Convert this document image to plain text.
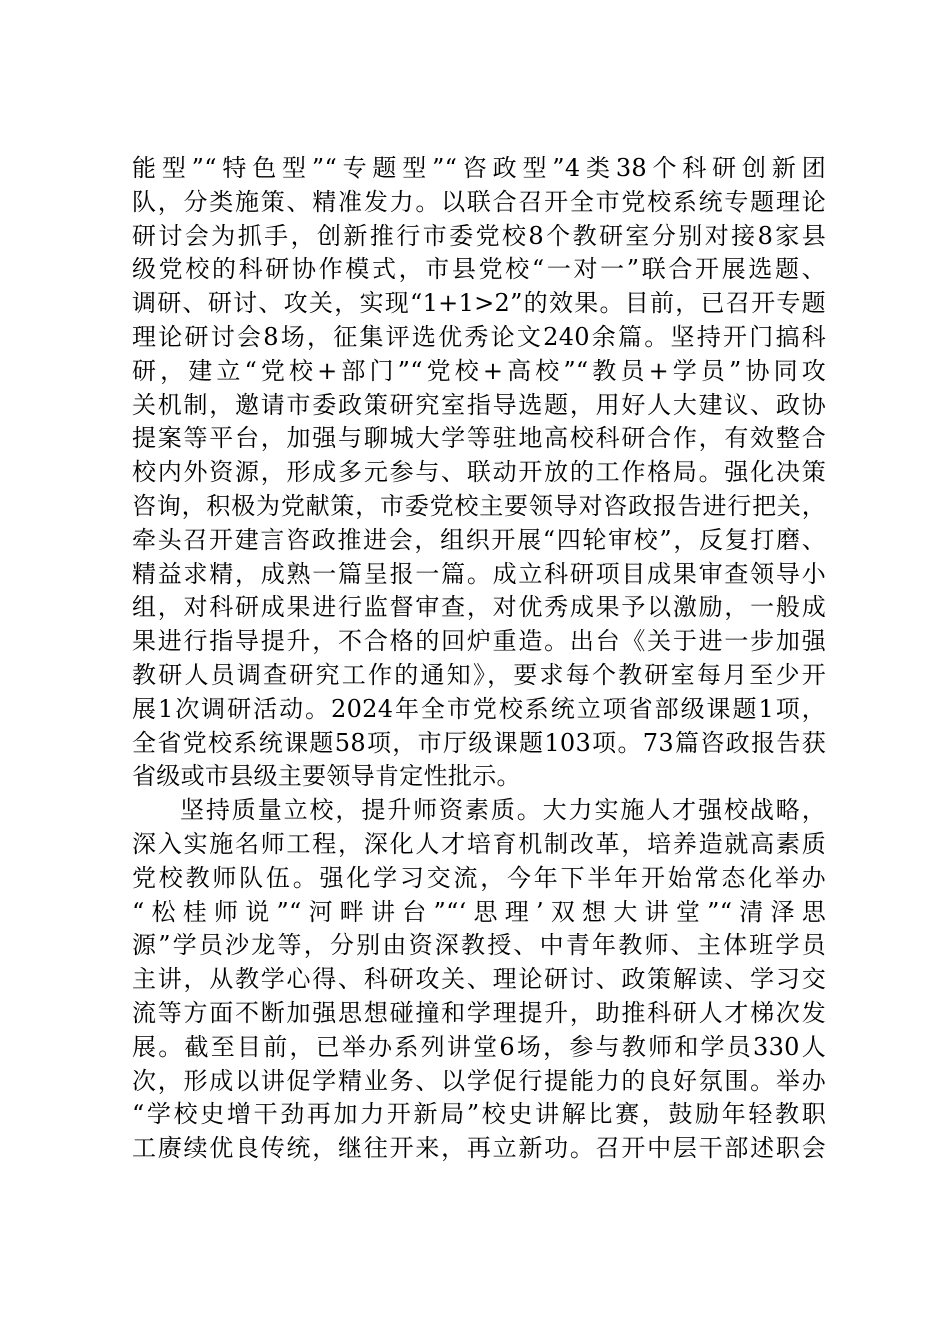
能型”“特色型”“专题型”“咨政型”4类38个科研创新团
队，分类施策、精准发力。以联合召开全市党校系统专题理论
研讨会为抓手，创新推行市委党校8个教研室分别对接8家县
级党校的科研协作模式，市县党校“一对一”联合开展选题、
调研、研讨、攻关，实现“1+1>2”的效果。目前，已召开专题
理论研讨会8场，征集评选优秀论文240余篇。坚持开门搞科
研，建立“党校+部门”“党校+高校”“教员+学员”协同攻
关机制，邀请市委政策研究室指导选题，用好人大建议、政协
提案等平台，加强与聊城大学等驻地高校科研合作，有效整合
校内外资源，形成多元参与、联动开放的工作格局。强化决策
咨询，积极为党献策，市委党校主要领导对咨政报告进行把关，
牵头召开建言咨政推进会，组织开展“四轮审校”，反复打磨、
精益求精，成熟一篇呈报一篇。成立科研项目成果审查领导小
组，对科研成果进行监督审查，对优秀成果予以激励，一般成
果进行指导提升，不合格的回炉重造。出台《关于进一步加强
教研人员调查研究工作的通知》，要求每个教研室每月至少开
展1次调研活动。2024年全市党校系统立项省部级课题1项，
全省党校系统课题58项，市厅级课题103项。73篇咨政报告获
省级或市县级主要领导肯定性批示。
坚持质量立校，提升师资素质。大力实施人才强校战略，
深入实施名师工程，深化人才培育机制改革，培养造就高素质
党校教师队伍。强化学习交流，今年下半年开始常态化举办
“松桂师说”“河畔讲台”“‘思理’双想大讲堂”“清泽思
源”学员沙龙等，分别由资深教授、中青年教师、主体班学员
主讲，从教学心得、科研攻关、理论研讨、政策解读、学习交
流等方面不断加强思想碰撞和学理提升，助推科研人才梯次发
展。截至目前，已举办系列讲堂6场，参与教师和学员330人
次，形成以讲促学精业务、以学促行提能力的良好氛围。举办
“学校史增干劲再加力开新局”校史讲解比赛，鼓励年轻教职
工赓续优良传统，继往开来，再立新功。召开中层干部述职会
